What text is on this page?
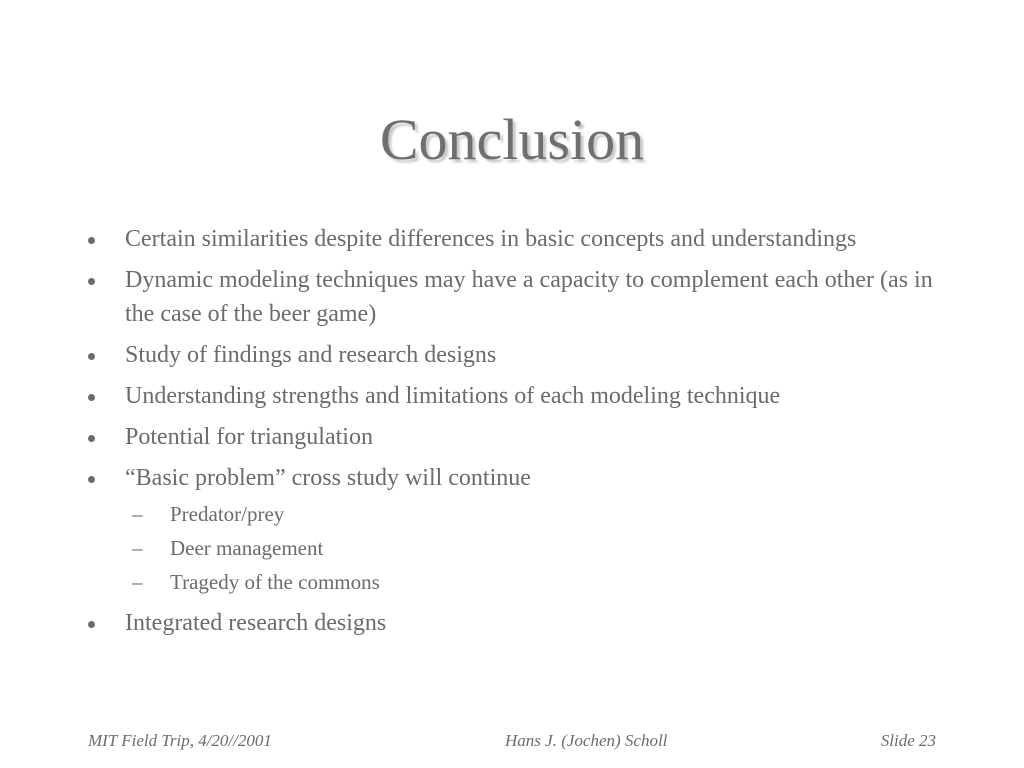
Conclusion
Certain similarities despite differences in basic concepts and understandings
Dynamic modeling techniques may have a capacity to complement each other (as in the case of the beer game)
Study of findings and research designs
Understanding strengths and limitations of each modeling technique
Potential for triangulation
“Basic problem” cross study will continue
– Predator/prey
– Deer management
– Tragedy of the commons
Integrated research designs
MIT Field Trip, 4/20//2001	Hans J. (Jochen) Scholl	Slide 23
